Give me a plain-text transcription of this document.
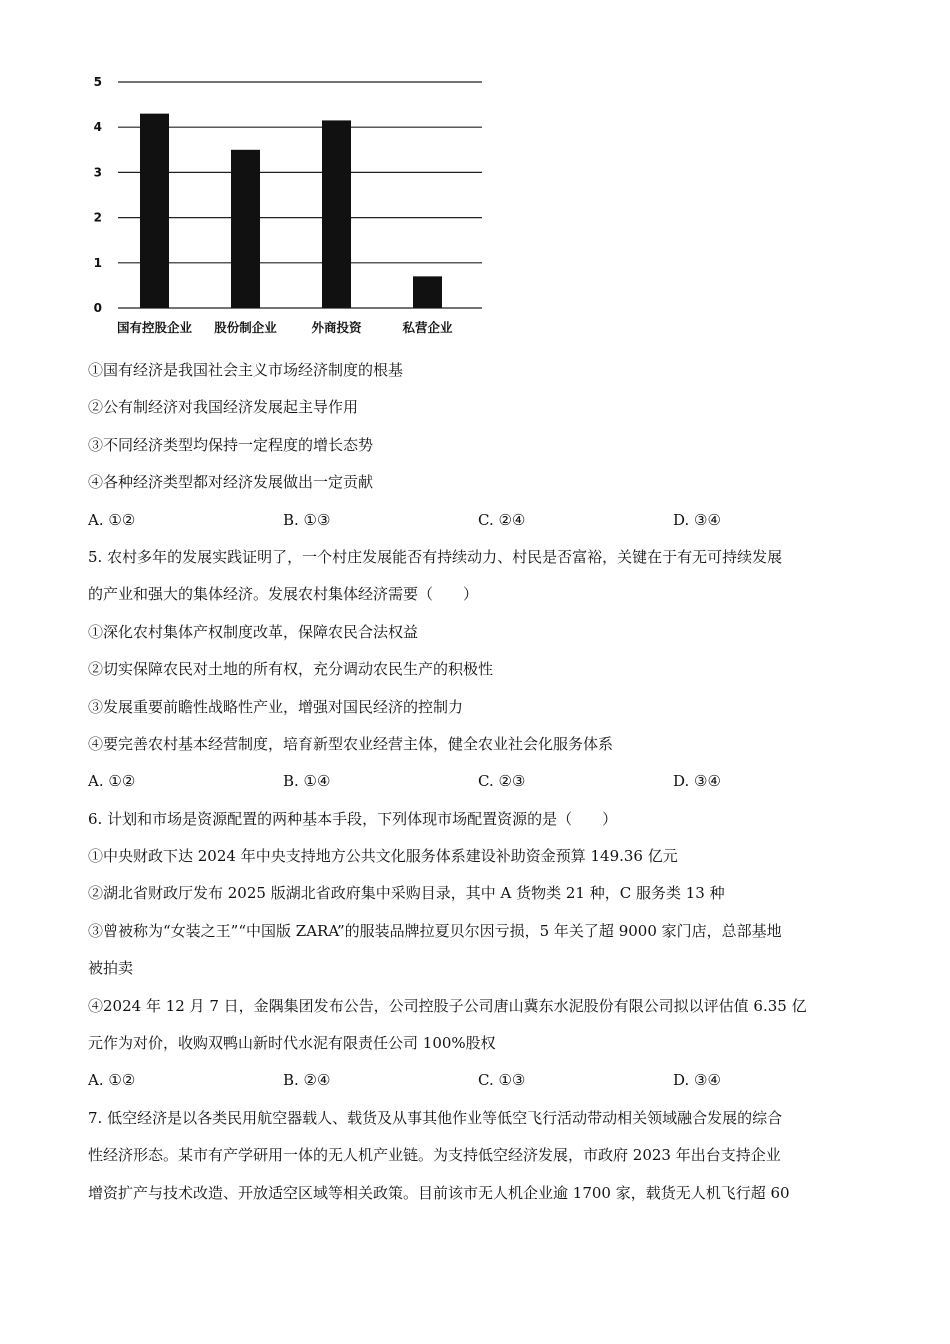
0
1
2
3
4
5
国有控股企业 股份制企业	外商投资	私营企业
①国有经济是我国社会主义市场经济制度的根基
②公有制经济对我国经济发展起主导作用
③不同经济类型均保持一定程度的增长态势
④各种经济类型都对经济发展做出一定贡献
A. ①②	B. ①③	C. ②④	D. ③④
5. 农村多年的发展实践证明了，一个村庄发展能否有持续动力、村民是否富裕，关键在于有无可持续发展
的产业和强大的集体经济。发展农村集体经济需要（　　）
①深化农村集体产权制度改革，保障农民合法权益
②切实保障农民对土地的所有权，充分调动农民生产的积极性
③发展重要前瞻性战略性产业，增强对国民经济的控制力
④要完善农村基本经营制度，培育新型农业经营主体，健全农业社会化服务体系
A. ①②	B. ①④	C. ②③	D. ③④
6. 计划和市场是资源配置的两种基本手段，下列体现市场配置资源的是（　　）
①中央财政下达 2024 年中央支持地方公共文化服务体系建设补助资金预算 149.36 亿元
②湖北省财政厅发布 2025 版湖北省政府集中采购目录，其中 A 货物类 21 种，C 服务类 13 种
③曾被称为“女装之王”“中国版 ZARA”的服装品牌拉夏贝尔因亏损，5 年关了超 9000 家门店，总部基地
被拍卖
④2024 年 12 月 7 日，金隅集团发布公告，公司控股子公司唐山冀东水泥股份有限公司拟以评估值 6.35 亿
元作为对价，收购双鸭山新时代水泥有限责任公司 100%股权
A. ①②	B. ②④	C. ①③	D. ③④
7. 低空经济是以各类民用航空器载人、载货及从事其他作业等低空飞行活动带动相关领域融合发展的综合
性经济形态。某市有产学研用一体的无人机产业链。为支持低空经济发展，市政府 2023 年出台支持企业
增资扩产与技术改造、开放适空区域等相关政策。目前该市无人机企业逾 1700 家，载货无人机飞行超 60
